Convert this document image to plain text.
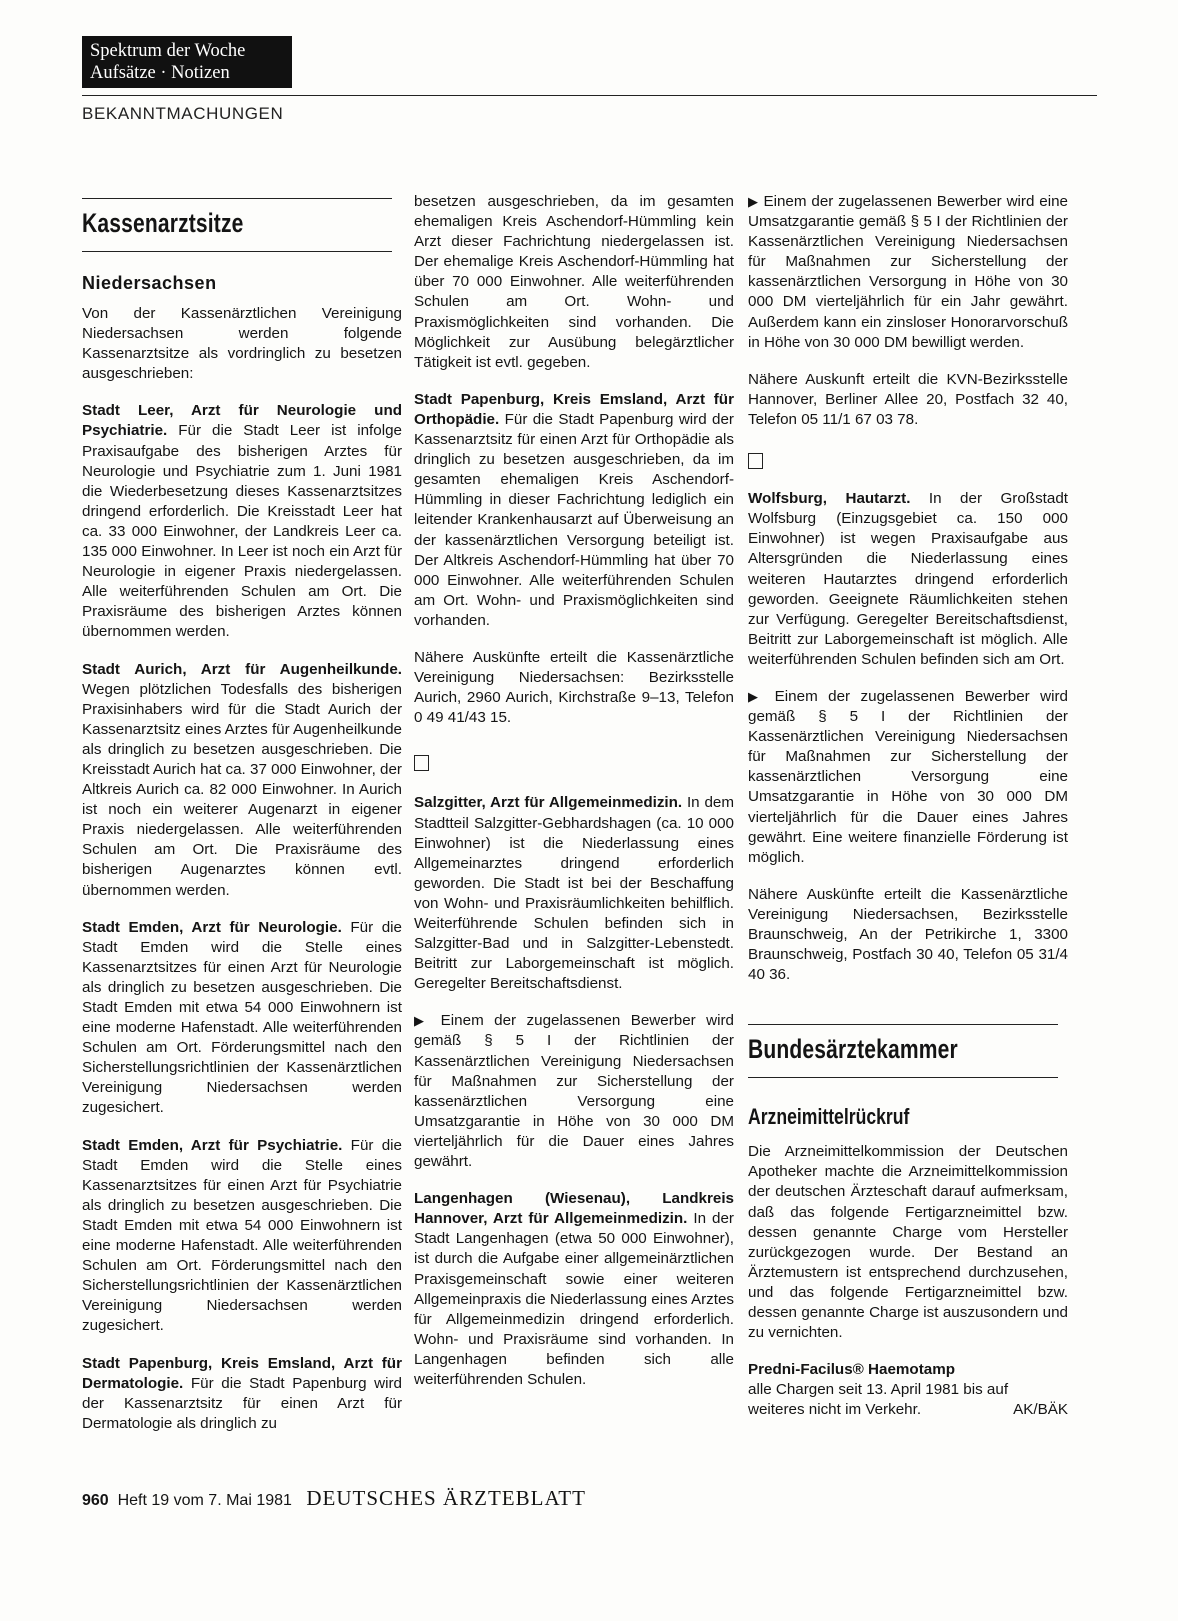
Spektrum der Woche
Aufsätze · Notizen
BEKANNTMACHUNGEN
Kassenarztsitze
Niedersachsen

Von der Kassenärztlichen Vereinigung Niedersachsen werden folgende Kassenarztsitze als vordringlich zu besetzen ausgeschrieben:

Stadt Leer, Arzt für Neurologie und Psychiatrie. Für die Stadt Leer ist infolge Praxisaufgabe des bisherigen Arztes für Neurologie und Psychiatrie zum 1. Juni 1981 die Wiederbesetzung dieses Kassenarztsitzes dringend erforderlich. Die Kreisstadt Leer hat ca. 33 000 Einwohner, der Landkreis Leer ca. 135 000 Einwohner. In Leer ist noch ein Arzt für Neurologie in eigener Praxis niedergelassen. Alle weiterführenden Schulen am Ort. Die Praxisräume des bisherigen Arztes können übernommen werden.

Stadt Aurich, Arzt für Augenheilkunde. Wegen plötzlichen Todesfalls des bisherigen Praxisinhabers wird für die Stadt Aurich der Kassenarztsitz eines Arztes für Augenheilkunde als dringlich zu besetzen ausgeschrieben. Die Kreisstadt Aurich hat ca. 37 000 Einwohner, der Altkreis Aurich ca. 82 000 Einwohner. In Aurich ist noch ein weiterer Augenarzt in eigener Praxis niedergelassen. Alle weiterführenden Schulen am Ort. Die Praxisräume des bisherigen Augenarztes können evtl. übernommen werden.

Stadt Emden, Arzt für Neurologie. Für die Stadt Emden wird die Stelle eines Kassenarztsitzes für einen Arzt für Neurologie als dringlich zu besetzen ausgeschrieben. Die Stadt Emden mit etwa 54 000 Einwohnern ist eine moderne Hafenstadt. Alle weiterführenden Schulen am Ort. Förderungsmittel nach den Sicherstellungsrichtlinien der Kassenärztlichen Vereinigung Niedersachsen werden zugesichert.

Stadt Emden, Arzt für Psychiatrie. Für die Stadt Emden wird die Stelle eines Kassenarztsitzes für einen Arzt für Psychiatrie als dringlich zu besetzen ausgeschrieben. Die Stadt Emden mit etwa 54 000 Einwohnern ist eine moderne Hafenstadt. Alle weiterführenden Schulen am Ort. Förderungsmittel nach den Sicherstellungsrichtlinien der Kassenärztlichen Vereinigung Niedersachsen werden zugesichert.

Stadt Papenburg, Kreis Emsland, Arzt für Dermatologie. Für die Stadt Papenburg wird der Kassenarztsitz für einen Arzt für Dermatologie als dringlich zu

besetzen ausgeschrieben, da im gesamten ehemaligen Kreis Aschendorf-Hümmling kein Arzt dieser Fachrichtung niedergelassen ist. Der ehemalige Kreis Aschendorf-Hümmling hat über 70 000 Einwohner. Alle weiterführenden Schulen am Ort. Wohn- und Praxismöglichkeiten sind vorhanden. Die Möglichkeit zur Ausübung belegärztlicher Tätigkeit ist evtl. gegeben.

Stadt Papenburg, Kreis Emsland, Arzt für Orthopädie. Für die Stadt Papenburg wird der Kassenarztsitz für einen Arzt für Orthopädie als dringlich zu besetzen ausgeschrieben, da im gesamten ehemaligen Kreis Aschendorf-Hümmling in dieser Fachrichtung lediglich ein leitender Krankenhausarzt auf Überweisung an der kassenärztlichen Versorgung beteiligt ist. Der Altkreis Aschendorf-Hümmling hat über 70 000 Einwohner. Alle weiterführenden Schulen am Ort. Wohn- und Praxismöglichkeiten sind vorhanden.

Nähere Auskünfte erteilt die Kassenärztliche Vereinigung Niedersachsen: Bezirksstelle Aurich, 2960 Aurich, Kirchstraße 9–13, Telefon 0 49 41/43 15.

Salzgitter, Arzt für Allgemeinmedizin. In dem Stadtteil Salzgitter-Gebhardshagen (ca. 10 000 Einwohner) ist die Niederlassung eines Allgemeinarztes dringend erforderlich geworden. Die Stadt ist bei der Beschaffung von Wohn- und Praxisräumlichkeiten behilflich. Weiterführende Schulen befinden sich in Salzgitter-Bad und in Salzgitter-Lebenstedt. Beitritt zur Laborgemeinschaft ist möglich. Geregelter Bereitschaftsdienst.

▶ Einem der zugelassenen Bewerber wird gemäß § 5 I der Richtlinien der Kassenärztlichen Vereinigung Niedersachsen für Maßnahmen zur Sicherstellung der kassenärztlichen Versorgung eine Umsatzgarantie in Höhe von 30 000 DM vierteljährlich für die Dauer eines Jahres gewährt.

Langenhagen (Wiesenau), Landkreis Hannover, Arzt für Allgemeinmedizin. In der Stadt Langenhagen (etwa 50 000 Einwohner), ist durch die Aufgabe einer allgemeinärztlichen Praxisgemeinschaft sowie einer weiteren Allgemeinpraxis die Niederlassung eines Arztes für Allgemeinmedizin dringend erforderlich. Wohn- und Praxisräume sind vorhanden. In Langenhagen befinden sich alle weiterführenden Schulen.

▶ Einem der zugelassenen Bewerber wird eine Umsatzgarantie gemäß § 5 I der Richtlinien der Kassenärztlichen Vereinigung Niedersachsen für Maßnahmen zur Sicherstellung der kassenärztlichen Versorgung in Höhe von 30 000 DM vierteljährlich für ein Jahr gewährt. Außerdem kann ein zinsloser Honorarvorschuß in Höhe von 30 000 DM bewilligt werden.

Nähere Auskunft erteilt die KVN-Bezirksstelle Hannover, Berliner Allee 20, Postfach 32 40, Telefon 05 11/1 67 03 78.

Wolfsburg, Hautarzt. In der Großstadt Wolfsburg (Einzugsgebiet ca. 150 000 Einwohner) ist wegen Praxisaufgabe aus Altersgründen die Niederlassung eines weiteren Hautarztes dringend erforderlich geworden. Geeignete Räumlichkeiten stehen zur Verfügung. Geregelter Bereitschaftsdienst, Beitritt zur Laborgemeinschaft ist möglich. Alle weiterführenden Schulen befinden sich am Ort.

▶ Einem der zugelassenen Bewerber wird gemäß § 5 I der Richtlinien der Kassenärztlichen Vereinigung Niedersachsen für Maßnahmen zur Sicherstellung der kassenärztlichen Versorgung eine Umsatzgarantie in Höhe von 30 000 DM vierteljährlich für die Dauer eines Jahres gewährt. Eine weitere finanzielle Förderung ist möglich.

Nähere Auskünfte erteilt die Kassenärztliche Vereinigung Niedersachsen, Bezirksstelle Braunschweig, An der Petrikirche 1, 3300 Braunschweig, Postfach 30 40, Telefon 05 31/4 40 36.

Bundesärztekammer
Arzneimittelrückruf

Die Arzneimittelkommission der Deutschen Apotheker machte die Arzneimittelkommission der deutschen Ärzteschaft darauf aufmerksam, daß das folgende Fertigarzneimittel bzw. dessen genannte Charge vom Hersteller zurückgezogen wurde. Der Bestand an Ärztemustern ist entsprechend durchzusehen, und das folgende Fertigarzneimittel bzw. dessen genannte Charge ist auszusondern und zu vernichten.

Predni-Facilus® Haemotamp
alle Chargen seit 13. April 1981 bis auf
weiteres nicht im Verkehr.	AK/BÄK
960 Heft 19 vom 7. Mai 1981 DEUTSCHES ÄRZTEBLATT
